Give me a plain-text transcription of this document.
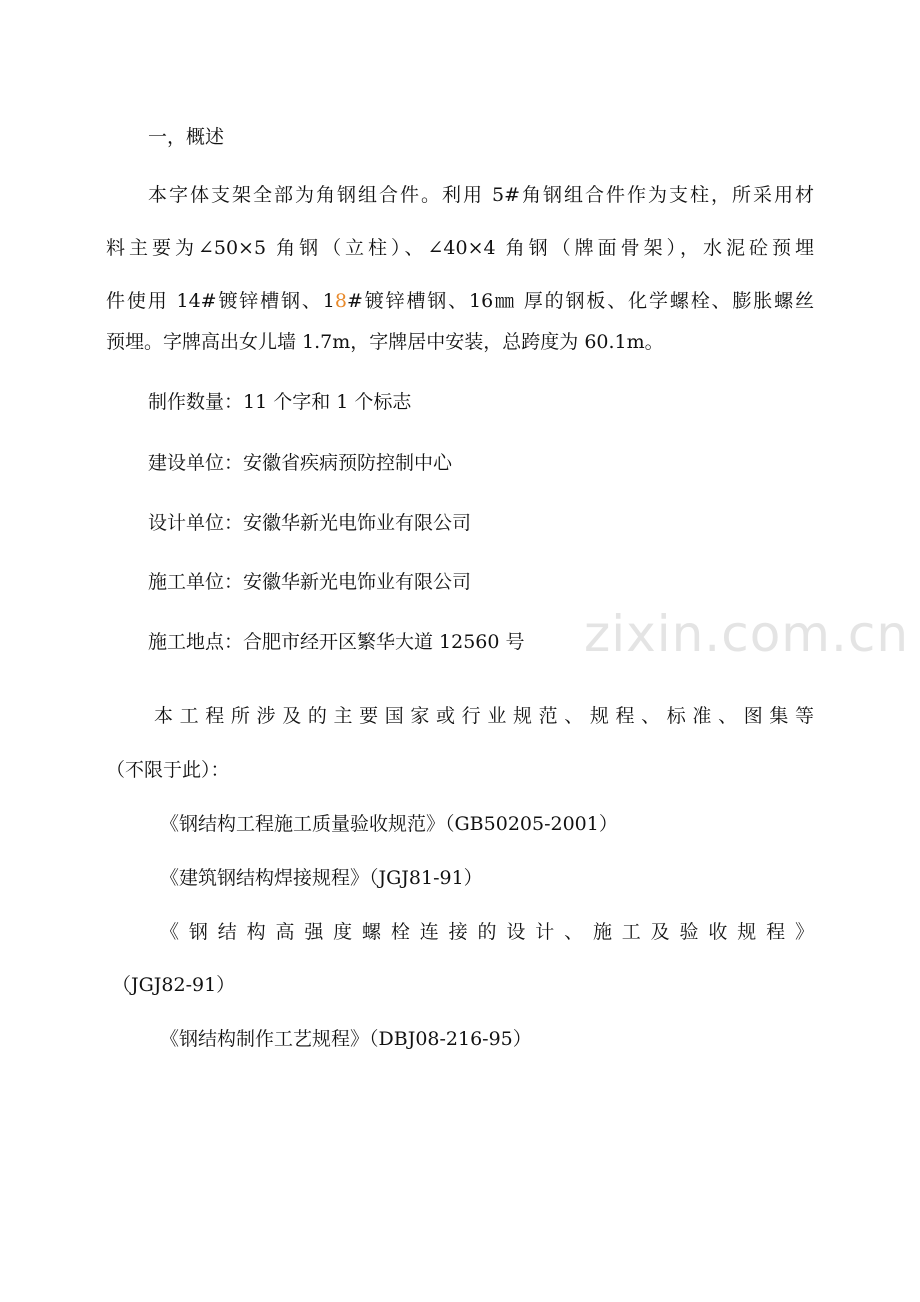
zixin.com.cn

一，概述

本字体支架全部为角钢组合件。利用 5#角钢组合件作为支柱，所采用材

料主要为∠50×5 角钢（立柱）、∠40×4 角钢（牌面骨架），水泥砼预埋

件使用 14#镀锌槽钢、18#镀锌槽钢、16㎜ 厚的钢板、化学螺栓、膨胀螺丝

预埋。字牌高出女儿墙 1.7m，字牌居中安装，总跨度为 60.1m。

制作数量：11 个字和 1 个标志

建设单位：安徽省疾病预防控制中心

设计单位：安徽华新光电饰业有限公司

施工单位：安徽华新光电饰业有限公司

施工地点：合肥市经开区繁华大道 12560 号

本工程所涉及的主要国家或行业规范、规程、标准、图集等

（不限于此）：

《钢结构工程施工质量验收规范》（GB50205-2001）

《建筑钢结构焊接规程》（JGJ81-91）

《钢结构高强度螺栓连接的设计、施工及验收规程》

（JGJ82-91）

《钢结构制作工艺规程》（DBJ08-216-95）
